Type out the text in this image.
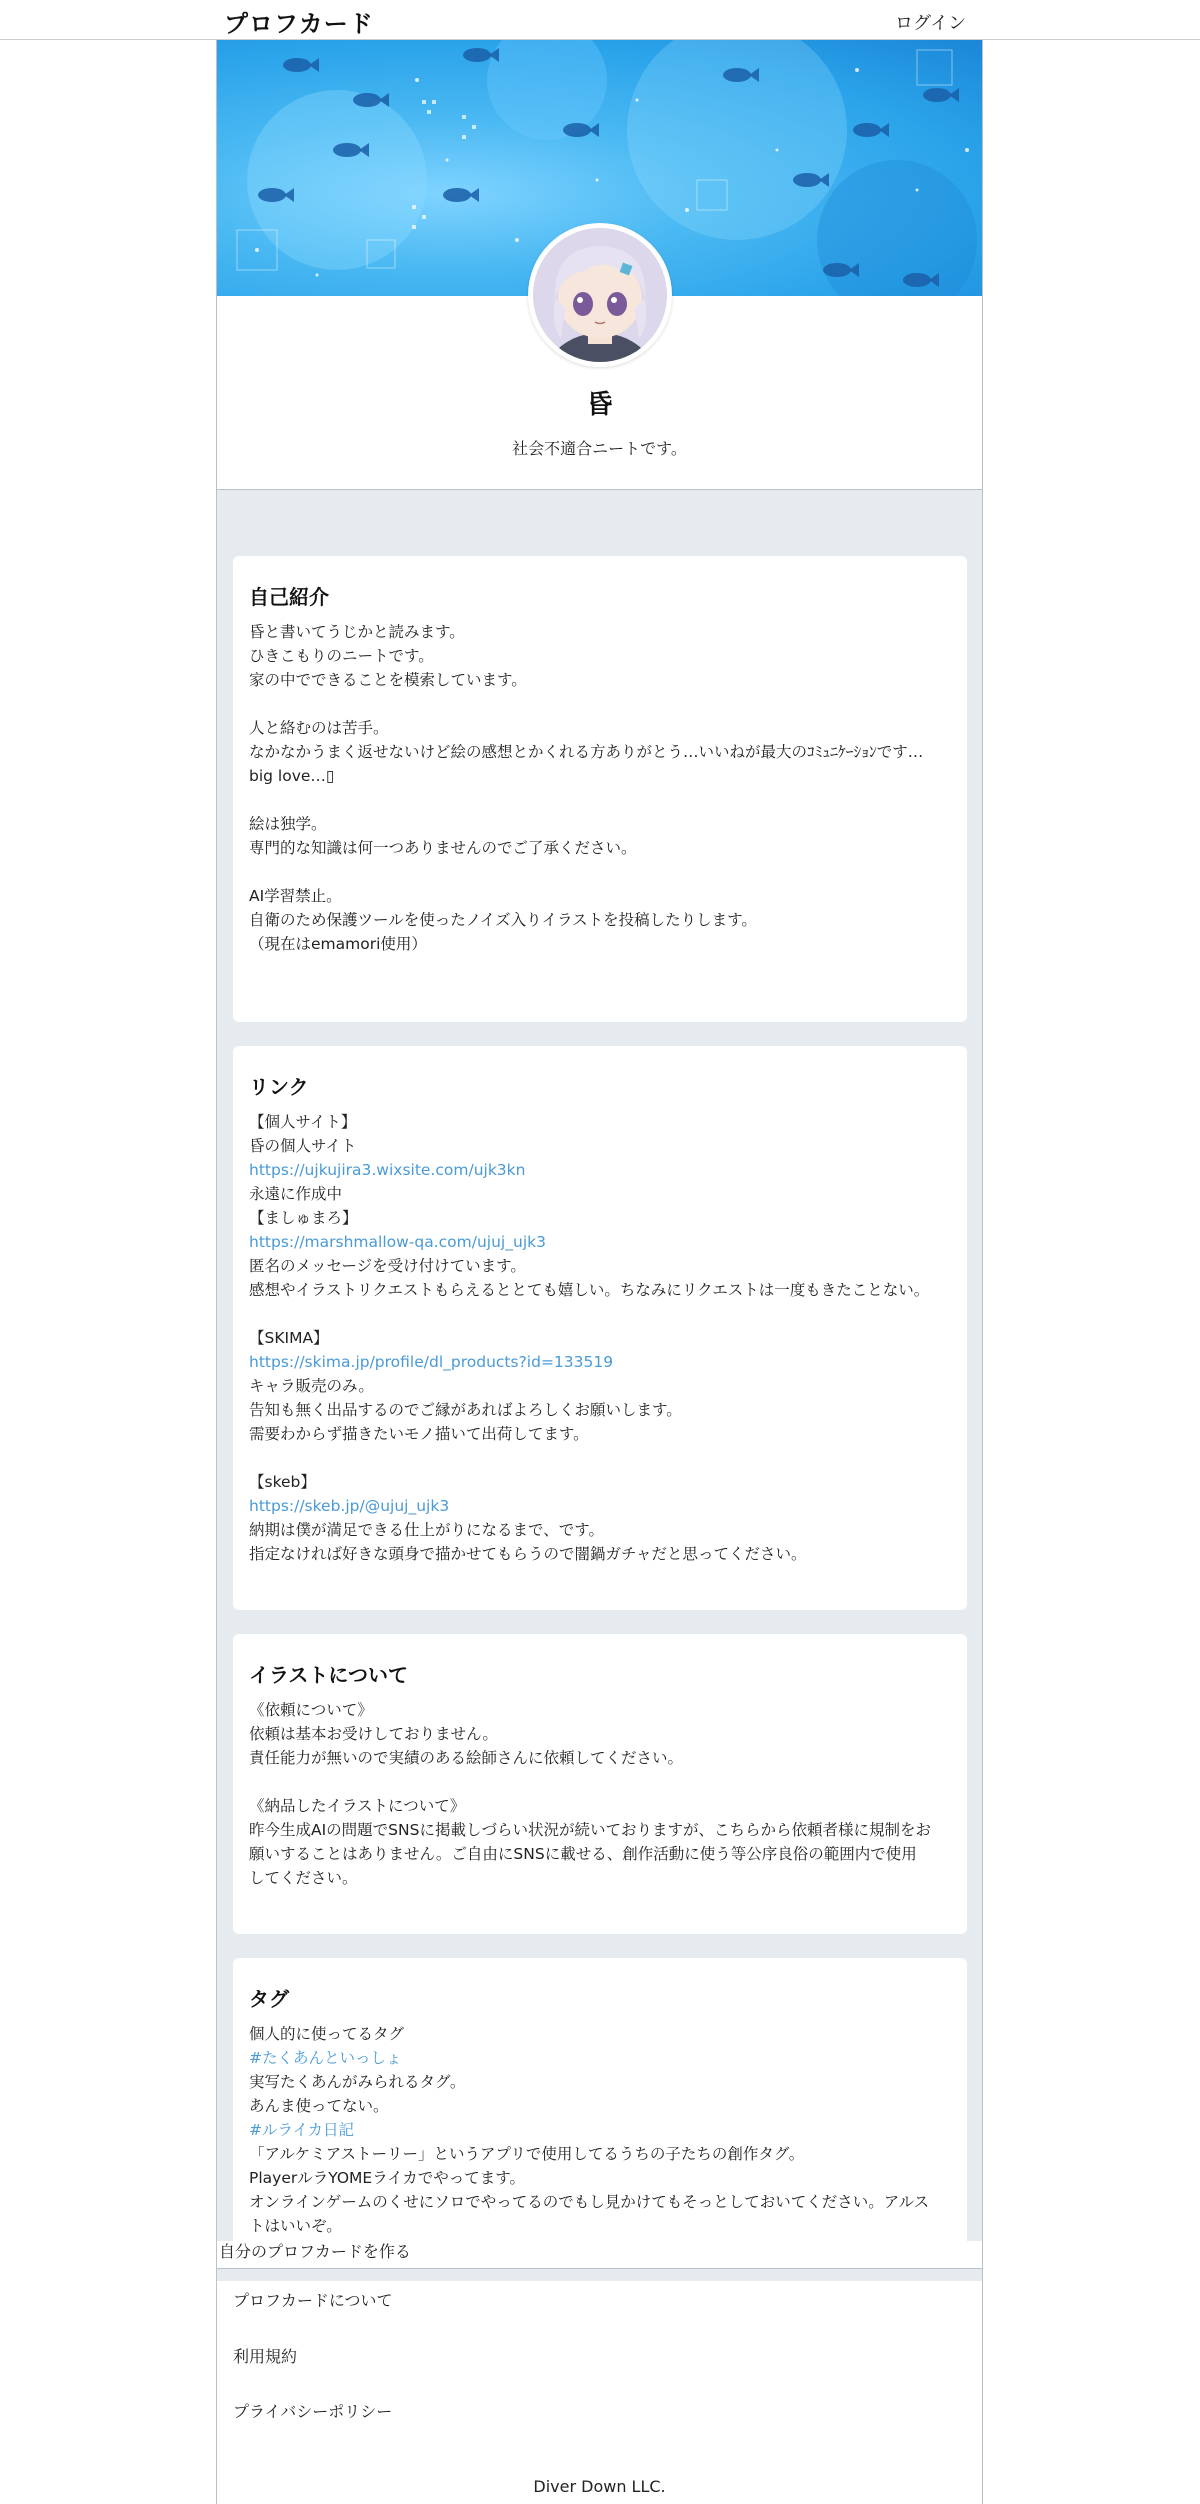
プロフカード	ログイン
昏
社会不適合ニートです。
自己紹介
昏と書いてうじかと読みます。
ひきこもりのニートです。
家の中でできることを模索しています。
人と絡むのは苦手。
なかなかうまく返せないけど絵の感想とかくれる方ありがとう…いいねが最大のｺﾐｭﾆｹｰｼｮﾝです…
big love…▯
絵は独学。
専門的な知識は何一つありませんのでご了承ください。
AI学習禁止。
自衛のため保護ツールを使ったノイズ入りイラストを投稿したりします。
（現在はemamori使用）
リンク
【個人サイト】
昏の個人サイト
https://ujkujira3.wixsite.com/ujk3kn
永遠に作成中
【ましゅまろ】
https://marshmallow-qa.com/ujuj_ujk3
匿名のメッセージを受け付けています。
感想やイラストリクエストもらえるととても嬉しい。ちなみにリクエストは一度もきたことない。
【SKIMA】
https://skima.jp/profile/dl_products?id=133519
キャラ販売のみ。
告知も無く出品するのでご縁があればよろしくお願いします。
需要わからず描きたいモノ描いて出荷してます。
【skeb】
https://skeb.jp/@ujuj_ujk3
納期は僕が満足できる仕上がりになるまで、です。
指定なければ好きな頭身で描かせてもらうので闇鍋ガチャだと思ってください。
イラストについて
《依頼について》
依頼は基本お受けしておりません。
責任能力が無いので実績のある絵師さんに依頼してください。
《納品したイラストについて》
昨今生成AIの問題でSNSに掲載しづらい状況が続いておりますが、こちらから依頼者様に規制をお
願いすることはありません。ご自由にSNSに載せる、創作活動に使う等公序良俗の範囲内で使用
してください。
タグ
個人的に使ってるタグ
#たくあんといっしょ
実写たくあんがみられるタグ。
あんま使ってない。
#ルライカ日記
「アルケミアストーリー」というアプリで使用してるうちの子たちの創作タグ。
PlayerルラYOMEライカでやってます。
オンラインゲームのくせにソロでやってるのでもし見かけてもそっとしておいてください。アルス
トはいいぞ。
自分のプロフカードを作る
プロフカードについて
利用規約
プライバシーポリシー
Diver Down LLC.
